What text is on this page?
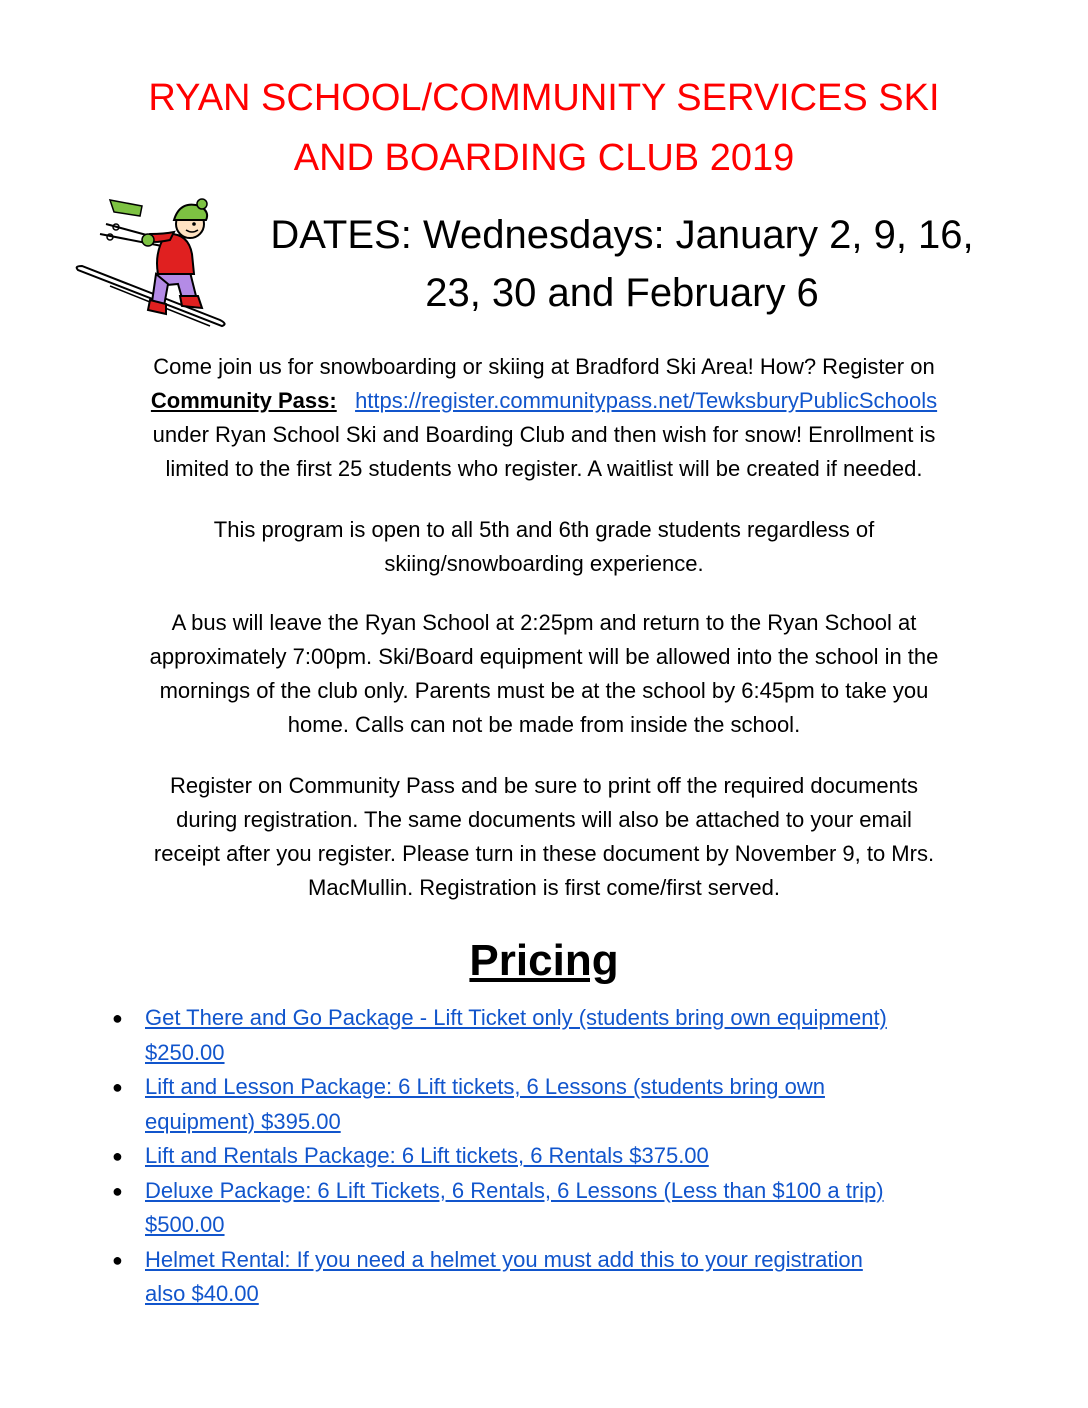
RYAN SCHOOL/COMMUNITY SERVICES SKI
AND BOARDING CLUB 2019
DATES: Wednesdays: January 2, 9, 16,
23, 30 and February 6
Come join us for snowboarding or skiing at Bradford Ski Area! How? Register on
Community Pass: https://register.communitypass.net/TewksburyPublicSchools
under Ryan School Ski and Boarding Club and then wish for snow! Enrollment is
limited to the first 25 students who register. A waitlist will be created if needed.
This program is open to all 5th and 6th grade students regardless of
skiing/snowboarding experience.
A bus will leave the Ryan School at 2:25pm and return to the Ryan School at
approximately 7:00pm. Ski/Board equipment will be allowed into the school in the
mornings of the club only. Parents must be at the school by 6:45pm to take you
home. Calls can not be made from inside the school.
Register on Community Pass and be sure to print off the required documents
during registration. The same documents will also be attached to your email
receipt after you register. Please turn in these document by November 9, to Mrs.
MacMullin. Registration is first come/first served.
Pricing
● Get There and Go Package - Lift Ticket only (students bring own equipment)
$250.00
● Lift and Lesson Package: 6 Lift tickets, 6 Lessons (students bring own
equipment) $395.00
● Lift and Rentals Package: 6 Lift tickets, 6 Rentals $375.00
● Deluxe Package: 6 Lift Tickets, 6 Rentals, 6 Lessons (Less than $100 a trip)
$500.00
● Helmet Rental: If you need a helmet you must add this to your registration
also $40.00
